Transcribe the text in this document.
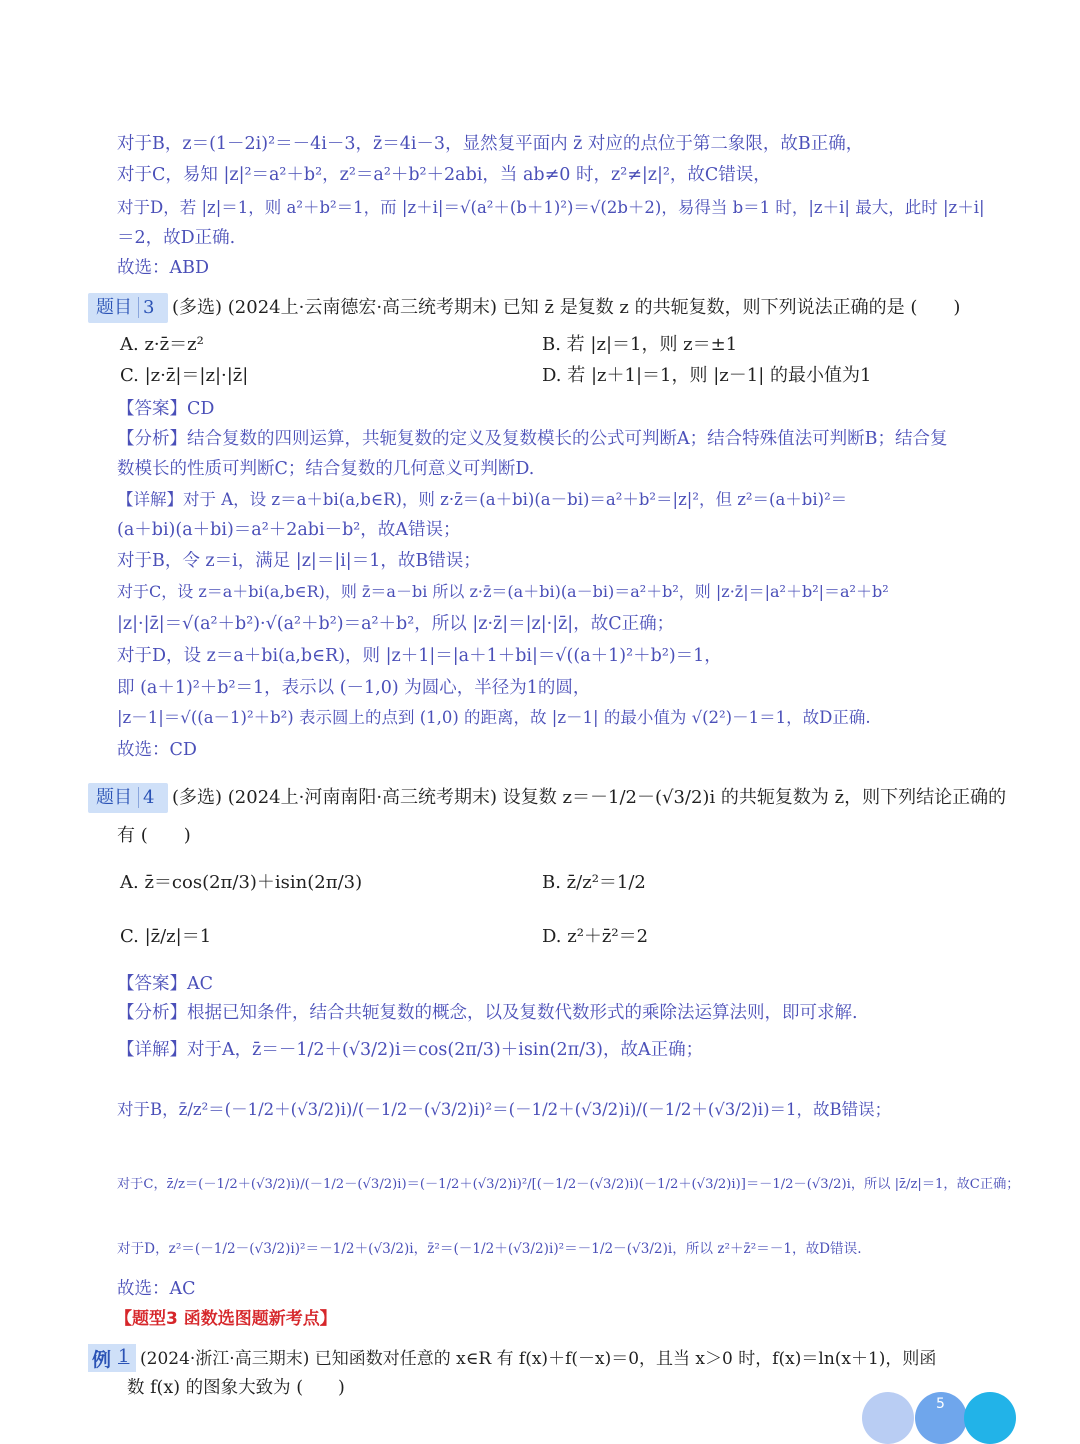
对于B，z＝(1－2i)²＝－4i－3，z̄＝4i－3，显然复平面内 z̄ 对应的点位于第二象限，故B正确，
对于C，易知 |z|²＝a²＋b²，z²＝a²＋b²＋2abi，当 ab≠0 时，z²≠|z|²，故C错误，
对于D，若 |z|＝1，则 a²＋b²＝1，而 |z＋i|＝√(a²＋(b＋1)²)＝√(2b＋2)，易得当 b＝1 时，|z＋i| 最大，此时 |z＋i|
＝2，故D正确.
故选：ABD
题目 3 (多选) (2024上·云南德宏·高三统考期末) 已知 z̄ 是复数 z 的共轭复数，则下列说法正确的是 (　　)
A. z·z̄＝z²	B. 若 |z|＝1，则 z＝±1
C. |z·z̄|＝|z|·|z̄|	D. 若 |z＋1|＝1，则 |z－1| 的最小值为1
【答案】CD
【分析】结合复数的四则运算，共轭复数的定义及复数模长的公式可判断A；结合特殊值法可判断B；结合复
数模长的性质可判断C；结合复数的几何意义可判断D.
【详解】对于 A，设 z＝a＋bi(a,b∈R)，则 z·z̄＝(a＋bi)(a－bi)＝a²＋b²＝|z|²，但 z²＝(a＋bi)²＝
(a＋bi)(a＋bi)＝a²＋2abi－b²，故A错误；
对于B，令 z＝i，满足 |z|＝|i|＝1，故B错误；
对于C，设 z＝a＋bi(a,b∈R)，则 z̄＝a－bi 所以 z·z̄＝(a＋bi)(a－bi)＝a²＋b²，则 |z·z̄|＝|a²＋b²|＝a²＋b²
|z|·|z̄|＝√(a²＋b²)·√(a²＋b²)＝a²＋b²，所以 |z·z̄|＝|z|·|z̄|，故C正确；
对于D，设 z＝a＋bi(a,b∈R)，则 |z＋1|＝|a＋1＋bi|＝√((a＋1)²＋b²)＝1，
即 (a＋1)²＋b²＝1，表示以 (－1,0) 为圆心，半径为1的圆，
|z－1|＝√((a－1)²＋b²) 表示圆上的点到 (1,0) 的距离，故 |z－1| 的最小值为 √(2²)－1＝1，故D正确.
故选：CD
题目 4 (多选) (2024上·河南南阳·高三统考期末) 设复数 z＝－1/2－(√3/2)i 的共轭复数为 z̄，则下列结论正确的
有 (　　)
A. z̄＝cos(2π/3)＋isin(2π/3)	B. z̄/z²＝1/2
C. |z̄/z|＝1	D. z²＋z̄²＝2
【答案】AC
【分析】根据已知条件，结合共轭复数的概念，以及复数代数形式的乘除法运算法则，即可求解.
【详解】对于A，z̄＝－1/2＋(√3/2)i＝cos(2π/3)＋isin(2π/3)，故A正确；
对于B，z̄/z²＝(－1/2＋(√3/2)i)/(－1/2－(√3/2)i)²＝(－1/2＋(√3/2)i)/(－1/2＋(√3/2)i)＝1，故B错误；
对于C，z̄/z＝(－1/2＋(√3/2)i)/(－1/2－(√3/2)i)＝(－1/2＋(√3/2)i)²/[(－1/2－(√3/2)i)(－1/2＋(√3/2)i)]＝－1/2－(√3/2)i，所以 |z̄/z|＝1，故C正确；
对于D，z²＝(－1/2－(√3/2)i)²＝－1/2＋(√3/2)i，z̄²＝(－1/2＋(√3/2)i)²＝－1/2－(√3/2)i，所以 z²＋z̄²＝－1，故D错误.
故选：AC
【题型3 函数选图题新考点】
例 1 (2024·浙江·高三期末) 已知函数对任意的 x∈R 有 f(x)＋f(－x)＝0，且当 x＞0 时，f(x)＝ln(x＋1)，则函
数 f(x) 的图象大致为 (　　)
5
